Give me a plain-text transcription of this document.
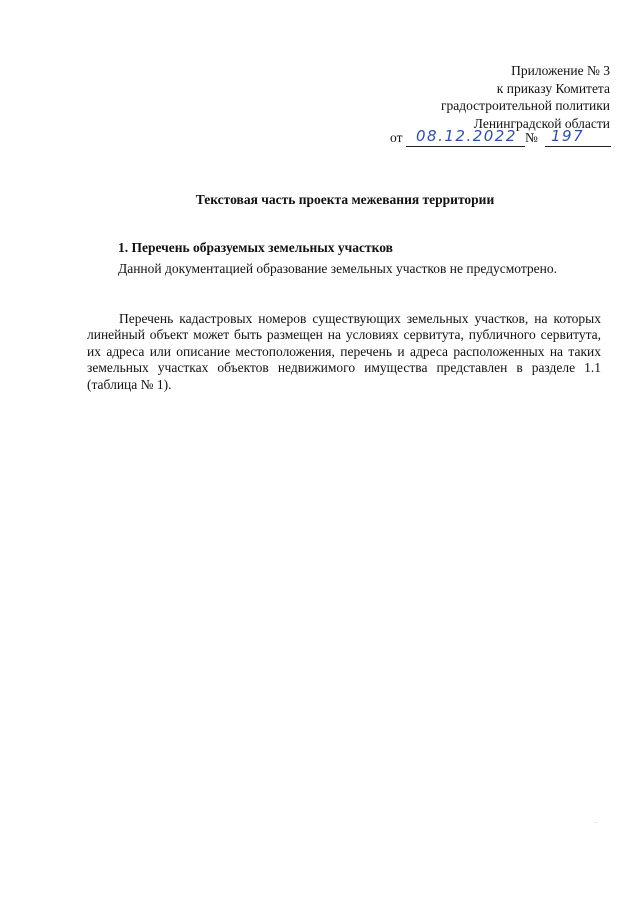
Приложение № 3
к приказу Комитета
градостроительной политики
Ленинградской области
от 08.12.2022 № 197
Текстовая часть проекта межевания территории
1. Перечень образуемых земельных участков
Данной документацией образование земельных участков не предусмотрено.
Перечень кадастровых номеров существующих земельных участков, на которых линейный объект может быть размещен на условиях сервитута, публичного сервитута, их адреса или описание местоположения, перечень и адреса расположенных на таких земельных участках объектов недвижимого имущества представлен в разделе 1.1 (таблица № 1).
